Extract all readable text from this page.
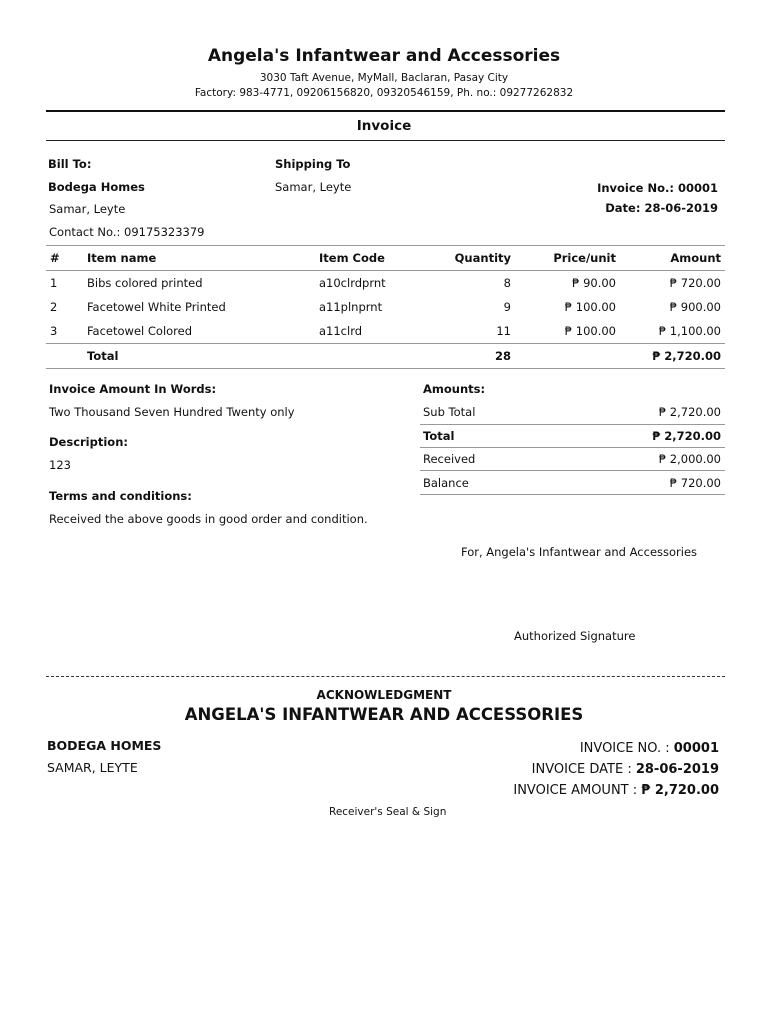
Angela's Infantwear and Accessories
3030 Taft Avenue, MyMall, Baclaran, Pasay City
Factory: 983-4771, 09206156820, 09320546159, Ph. no.: 09277262832
Invoice
Bill To:
Bodega Homes
Samar, Leyte
Contact No.: 09175323379
Shipping To
Samar, Leyte	Invoice No.: 00001
Date: 28-06-2019
#	Item name	Item Code	Quantity	Price/unit	Amount
1	Bibs colored printed	a10clrdprnt	8	₱ 90.00	₱ 720.00
2	Facetowel White Printed	a11plnprnt	9	₱ 100.00	₱ 900.00
3	Facetowel Colored	a11clrd	11	₱ 100.00	₱ 1,100.00
	Total		28		₱ 2,720.00
Invoice Amount In Words:
Two Thousand Seven Hundred Twenty only
Description:
123
Terms and conditions:
Received the above goods in good order and condition.
Amounts:
Sub Total	₱ 2,720.00
Total	₱ 2,720.00
Received	₱ 2,000.00
Balance	₱ 720.00
For, Angela's Infantwear and Accessories
Authorized Signature
ACKNOWLEDGMENT
ANGELA'S INFANTWEAR AND ACCESSORIES
BODEGA HOMES
SAMAR, LEYTE
INVOICE NO. : 00001
INVOICE DATE : 28-06-2019
INVOICE AMOUNT : ₱ 2,720.00
Receiver's Seal & Sign
